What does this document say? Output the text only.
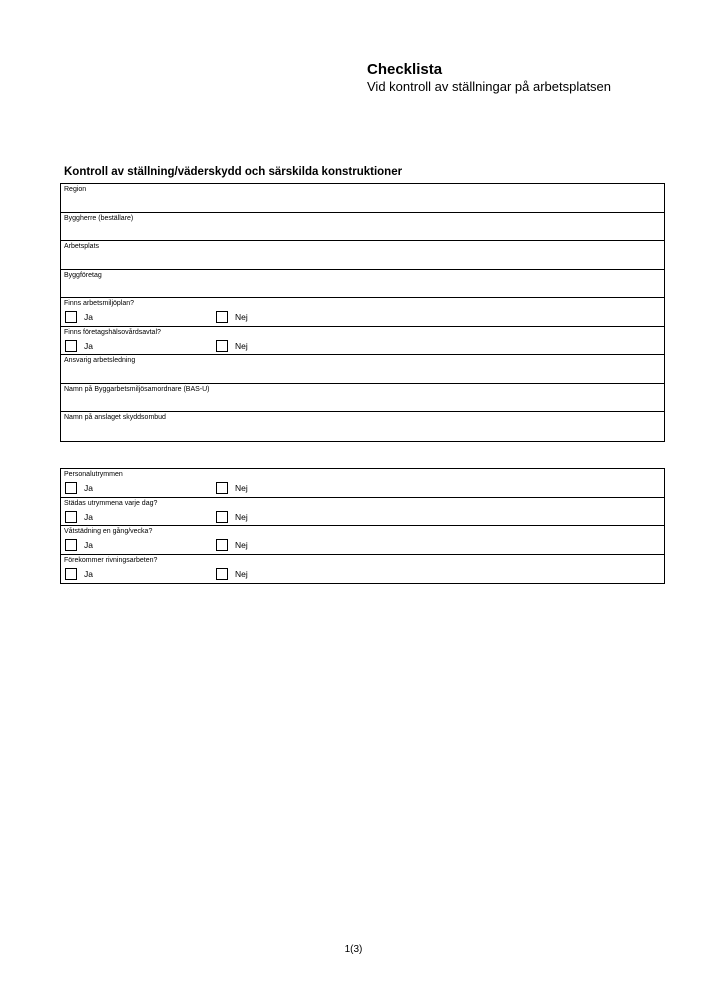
Checklista
Vid kontroll av ställningar på arbetsplatsen
Kontroll av ställning/väderskydd och särskilda konstruktioner
Region
Byggherre (beställare)
Arbetsplats
Byggföretag
Finns arbetsmiljöplan?
Ja	Nej
Finns företagshälsovårdsavtal?
Ja	Nej
Ansvarig arbetsledning
Namn på Byggarbetsmiljösamordnare (BAS-U)
Namn på anslaget skyddsombud
Personalutrymmen
Ja	Nej
Städas utrymmena varje dag?
Ja	Nej
Våtstädning en gång/vecka?
Ja	Nej
Förekommer rivningsarbeten?
Ja	Nej
1(3)
